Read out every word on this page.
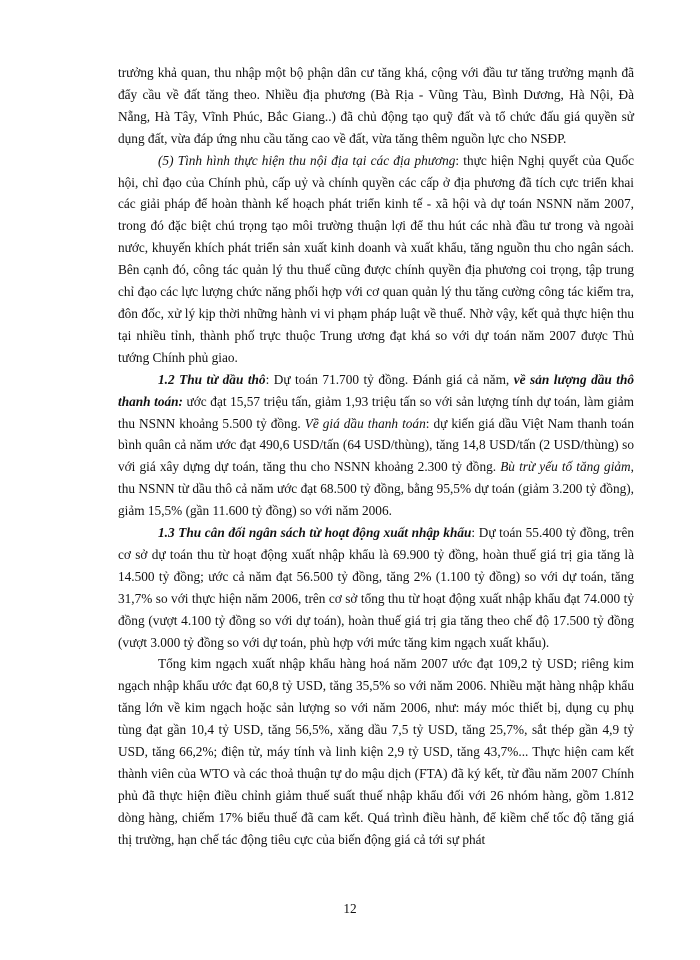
trưởng khả quan, thu nhập một bộ phận dân cư tăng khá, cộng với đầu tư tăng trưởng mạnh đã đẩy cầu về đất tăng theo. Nhiều địa phương (Bà Rịa - Vũng Tàu, Bình Dương, Hà Nội, Đà Nẵng, Hà Tây, Vĩnh Phúc, Bắc Giang..) đã chủ động tạo quỹ đất và tổ chức đấu giá quyền sử dụng đất, vừa đáp ứng nhu cầu tăng cao về đất, vừa tăng thêm nguồn lực cho NSĐP.

(5) Tình hình thực hiện thu nội địa tại các địa phương: thực hiện Nghị quyết của Quốc hội, chỉ đạo của Chính phủ, cấp uỷ và chính quyền các cấp ở địa phương đã tích cực triển khai các giải pháp để hoàn thành kế hoạch phát triển kinh tế - xã hội và dự toán NSNN năm 2007, trong đó đặc biệt chú trọng tạo môi trường thuận lợi để thu hút các nhà đầu tư trong và ngoài nước, khuyến khích phát triển sản xuất kinh doanh và xuất khẩu, tăng nguồn thu cho ngân sách. Bên cạnh đó, công tác quản lý thu thuế cũng được chính quyền địa phương coi trọng, tập trung chỉ đạo các lực lượng chức năng phối hợp với cơ quan quản lý thu tăng cường công tác kiểm tra, đôn đốc, xử lý kịp thời những hành vi vi phạm pháp luật về thuế. Nhờ vậy, kết quả thực hiện thu tại nhiều tỉnh, thành phố trực thuộc Trung ương đạt khá so với dự toán năm 2007 được Thủ tướng Chính phủ giao.

1.2 Thu từ dầu thô: Dự toán 71.700 tỷ đồng. Đánh giá cả năm, về sản lượng dầu thô thanh toán: ước đạt 15,57 triệu tấn, giảm 1,93 triệu tấn so với sản lượng tính dự toán, làm giảm thu NSNN khoảng 5.500 tỷ đồng. Về giá dầu thanh toán: dự kiến giá dầu Việt Nam thanh toán bình quân cả năm ước đạt 490,6 USD/tấn (64 USD/thùng), tăng 14,8 USD/tấn (2 USD/thùng) so với giá xây dựng dự toán, tăng thu cho NSNN khoảng 2.300 tỷ đồng. Bù trừ yếu tố tăng giảm, thu NSNN từ dầu thô cả năm ước đạt 68.500 tỷ đồng, bằng 95,5% dự toán (giảm 3.200 tỷ đồng), giảm 15,5% (gần 11.600 tỷ đồng) so với năm 2006.

1.3 Thu cân đối ngân sách từ hoạt động xuất nhập khẩu: Dự toán 55.400 tỷ đồng, trên cơ sở dự toán thu từ hoạt động xuất nhập khẩu là 69.900 tỷ đồng, hoàn thuế giá trị gia tăng là 14.500 tỷ đồng; ước cả năm đạt 56.500 tỷ đồng, tăng 2% (1.100 tỷ đồng) so với dự toán, tăng 31,7% so với thực hiện năm 2006, trên cơ sở tổng thu từ hoạt động xuất nhập khẩu đạt 74.000 tỷ đồng (vượt 4.100 tỷ đồng so với dự toán), hoàn thuế giá trị gia tăng theo chế độ 17.500 tỷ đồng (vượt 3.000 tỷ đồng so với dự toán, phù hợp với mức tăng kim ngạch xuất khẩu).

Tổng kim ngạch xuất nhập khẩu hàng hoá năm 2007 ước đạt 109,2 tỷ USD; riêng kim ngạch nhập khẩu ước đạt 60,8 tỷ USD, tăng 35,5% so với năm 2006. Nhiều mặt hàng nhập khẩu tăng lớn về kim ngạch hoặc sản lượng so với năm 2006, như: máy móc thiết bị, dụng cụ phụ tùng đạt gần 10,4 tỷ USD, tăng 56,5%, xăng dầu 7,5 tỷ USD, tăng 25,7%, sắt thép gần 4,9 tỷ USD, tăng 66,2%; điện tử, máy tính và linh kiện 2,9 tỷ USD, tăng 43,7%... Thực hiện cam kết thành viên của WTO và các thoả thuận tự do mậu dịch (FTA) đã ký kết, từ đầu năm 2007 Chính phủ đã thực hiện điều chỉnh giảm thuế suất thuế nhập khẩu đối với 26 nhóm hàng, gồm 1.812 dòng hàng, chiếm 17% biểu thuế đã cam kết. Quá trình điều hành, để kiềm chế tốc độ tăng giá thị trường, hạn chế tác động tiêu cực của biến động giá cả tới sự phát

12
